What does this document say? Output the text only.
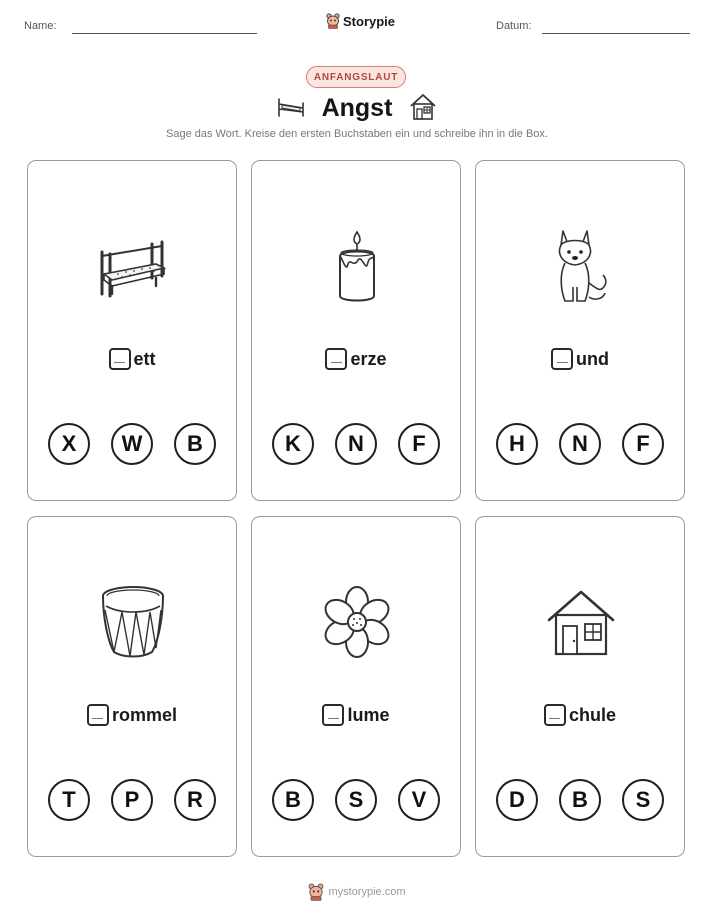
Name:	Storypie	Datum:
ANFANGSLAUT
Angst
Sage das Wort. Kreise den ersten Buchstaben ein und schreibe ihn in die Box.
ett
X	W	B
erze
K	N	F
und
H	N	F
rommel
T	P	R
lume
B	S	V
chule
D	B	S
mystorypie.com
